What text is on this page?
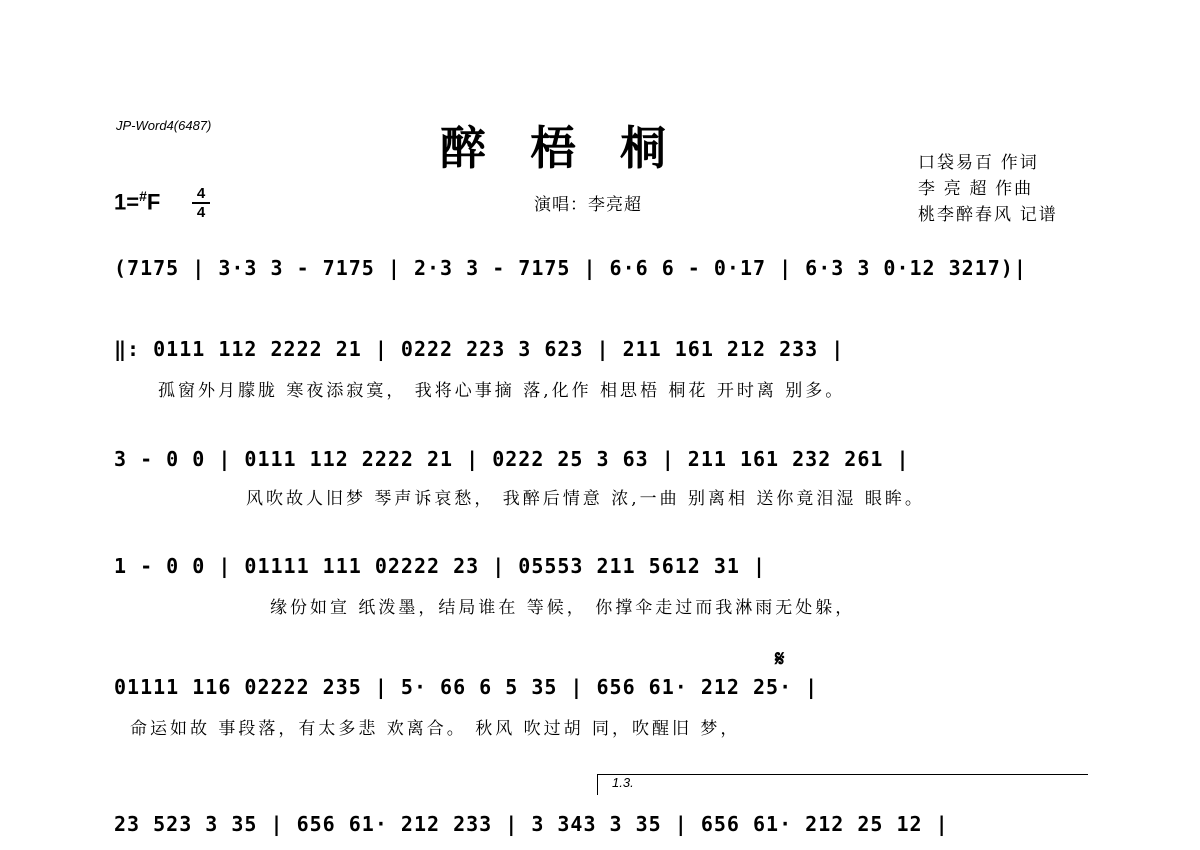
JP-Word4(6487)	醉梧桐	口袋易百 作词
李 亮 超 作曲
桃李醉春风 记谱
1=#F	4
4	演唱：李亮超
(7175 | 3·3 3 - 7175 | 2·3 3 - 7175 | 6·6 6 - 0·17 | 6·3 3 0·12 3217)|
‖: 0111 112 2222 21 | 0222 223 3 623 | 211 161 212 233 |
孤窗外月朦胧 寒夜添寂寞， 我将心事摘 落,化作 相思梧 桐花 开时离 别多。
3 - 0 0 | 0111 112 2222 21 | 0222 25 3 63 | 211 161 232 261 |
风吹故人旧梦 琴声诉哀愁， 我醉后情意 浓,一曲 别离相 送你竟泪湿 眼眸。
1 - 0 0 | 01111 111 02222 23 | 05553 211 5612 31 |
缘份如宣 纸泼墨，结局谁在 等候， 你撑伞走过而我淋雨无处躲，
𝄋
01111 116 02222 235 | 5· 66 6 5 35 | 656 61· 212 25· |
命运如故 事段落，有太多悲 欢离合。 秋风 吹过胡 同，吹醒旧 梦，
1.3.
23 523 3 35 | 656 61· 212 233 | 3 343 3 35 | 656 61· 212 25 12 |
